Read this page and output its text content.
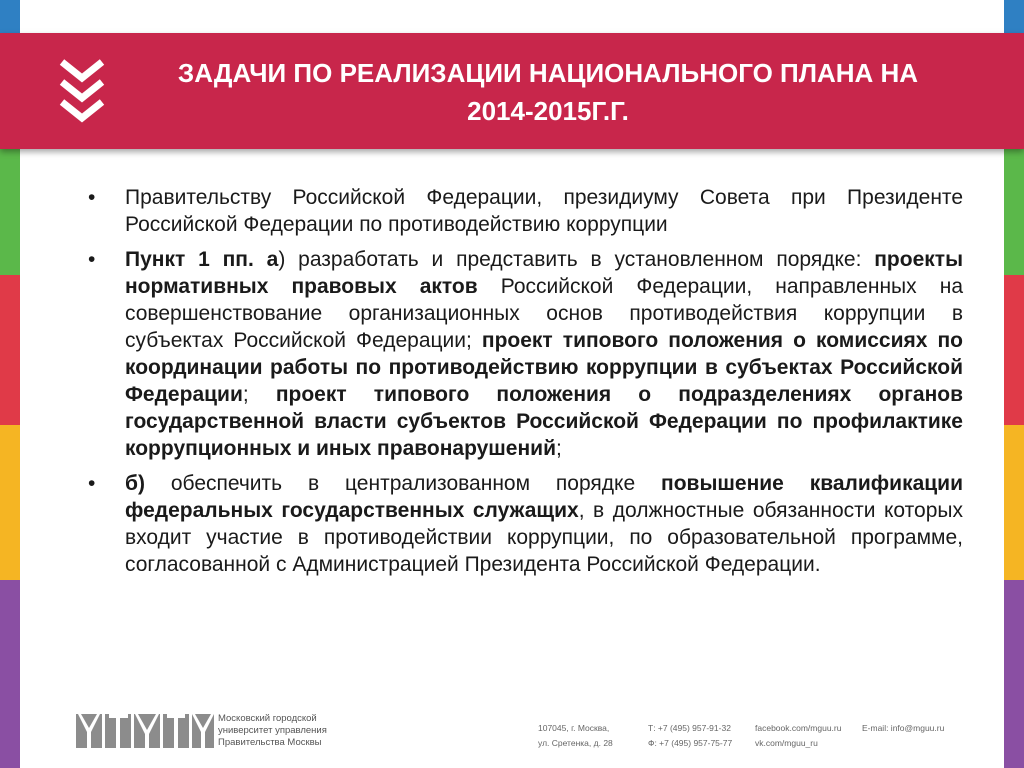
ЗАДАЧИ ПО РЕАЛИЗАЦИИ НАЦИОНАЛЬНОГО ПЛАНА НА
2014-2015Г.Г.
• Правительству Российской Федерации, президиуму Совета при Президенте Российской Федерации по противодействию коррупции
• Пункт 1 пп. а) разработать и представить в установленном порядке: проекты нормативных правовых актов Российской Федерации, направленных на совершенствование организационных основ противодействия коррупции в субъектах Российской Федерации; проект типового положения о комиссиях по координации работы по противодействию коррупции в субъектах Российской Федерации; проект типового положения о подразделениях органов государственной власти субъектов Российской Федерации по профилактике коррупционных и иных правонарушений;
• б) обеспечить в централизованном порядке повышение квалификации федеральных государственных служащих, в должностные обязанности которых входит участие в противодействии коррупции, по образовательной программе, согласованной с Администрацией Президента Российской Федерации.
Московский городской
университет управления
Правительства Москвы
107045, г. Москва,
ул. Сретенка, д. 28
Т: +7 (495) 957-91-32
Ф: +7 (495) 957-75-77
facebook.com/mguu.ru
vk.com/mguu_ru
E-mail: info@mguu.ru
